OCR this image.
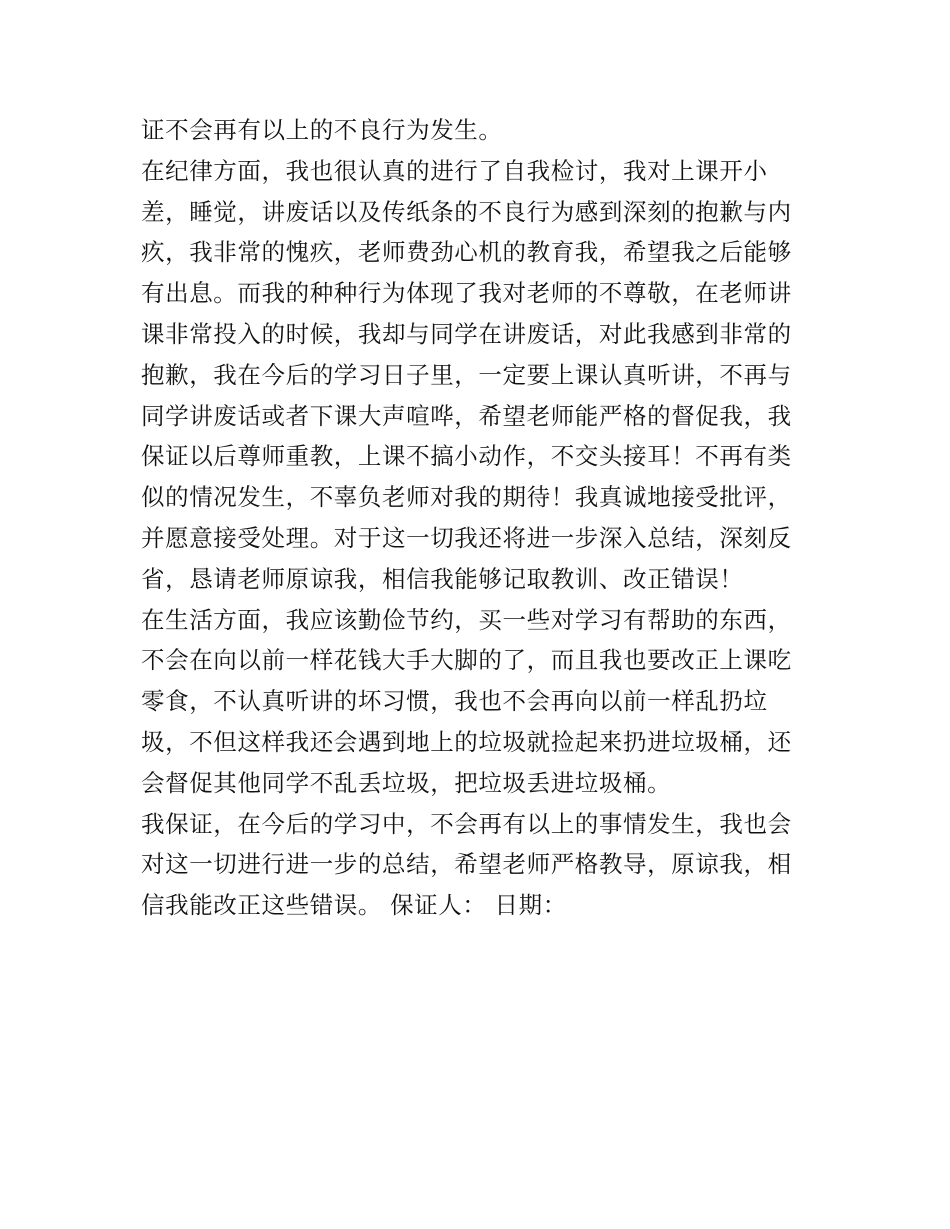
证不会再有以上的不良行为发生。
在纪律方面，我也很认真的进行了自我检讨，我对上课开小
差，睡觉，讲废话以及传纸条的不良行为感到深刻的抱歉与内
疚，我非常的愧疚，老师费劲心机的教育我，希望我之后能够
有出息。而我的种种行为体现了我对老师的不尊敬，在老师讲
课非常投入的时候，我却与同学在讲废话，对此我感到非常的
抱歉，我在今后的学习日子里，一定要上课认真听讲，不再与
同学讲废话或者下课大声喧哗，希望老师能严格的督促我，我
保证以后尊师重教，上课不搞小动作，不交头接耳！不再有类
似的情况发生，不辜负老师对我的期待！我真诚地接受批评，
并愿意接受处理。对于这一切我还将进一步深入总结，深刻反
省，恳请老师原谅我，相信我能够记取教训、改正错误！
在生活方面，我应该勤俭节约，买一些对学习有帮助的东西，
不会在向以前一样花钱大手大脚的了，而且我也要改正上课吃
零食，不认真听讲的坏习惯，我也不会再向以前一样乱扔垃
圾，不但这样我还会遇到地上的垃圾就捡起来扔进垃圾桶，还
会督促其他同学不乱丢垃圾，把垃圾丢进垃圾桶。
我保证，在今后的学习中，不会再有以上的事情发生，我也会
对这一切进行进一步的总结，希望老师严格教导，原谅我，相
信我能改正这些错误。 保证人： 日期：
